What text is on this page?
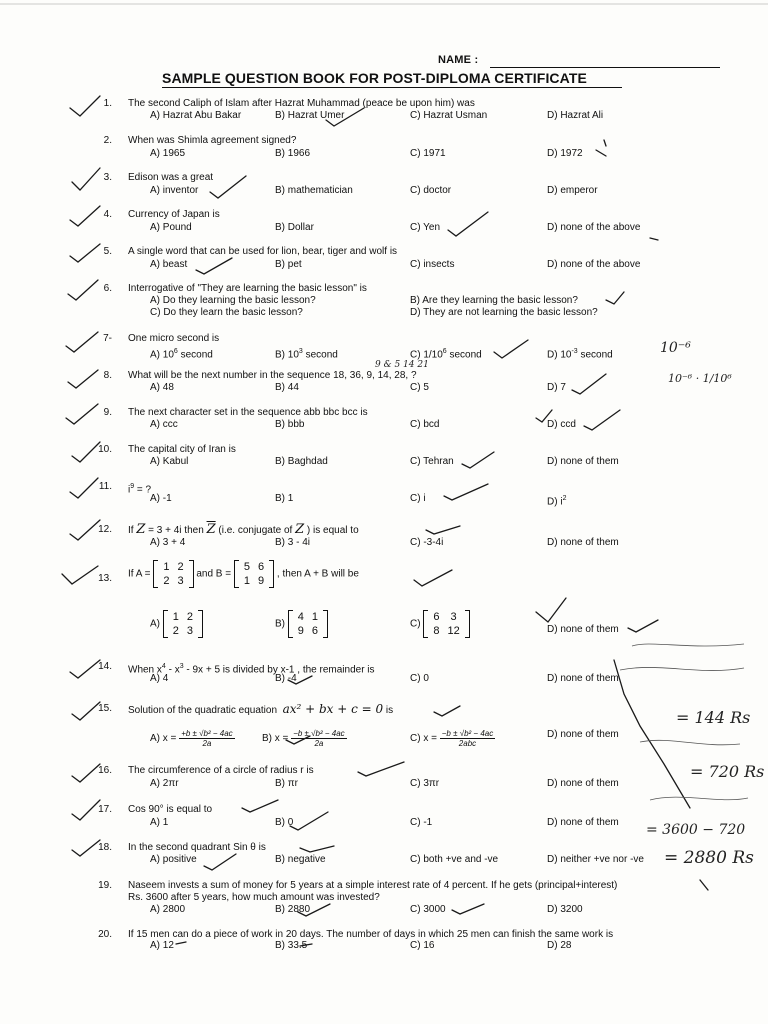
NAME :
SAMPLE QUESTION BOOK FOR POST-DIPLOMA CERTIFICATE
1. The second Caliph of Islam after Hazrat Muhammad (peace be upon him) was
A) Hazrat Abu Bakar	B) Hazrat Umer	C) Hazrat Usman	D) Hazrat Ali
2. When was Shimla agreement signed?
A) 1965	B) 1966	C) 1971	D) 1972
3. Edison was a great
A) inventor	B) mathematician	C) doctor	D) emperor
4. Currency of Japan is
A) Pound	B) Dollar	C) Yen	D) none of the above
5. A single word that can be used for lion, bear, tiger and wolf is
A) beast	B) pet	C) insects	D) none of the above
6. Interrogative of "They are learning the basic lesson" is
A) Do they learning the basic lesson?	B) Are they learning the basic lesson?
C) Do they learn the basic lesson?	D) They are not learning the basic lesson?
7- One micro second is
A) $10^6$ second	B) $10^3$ second	C) $1/10^6$ second	D) $10^{-3}$ second
8. What will be the next number in the sequence 18, 36, 9, 14, 28, ?
A) 48	B) 44	C) 5	D) 7
9. The next character set in the sequence abb bbc bcc is
A) ccc	B) bbb	C) bcd	D) ccd
10. The capital city of Iran is
A) Kabul	B) Baghdad	C) Tehran	D) none of them
11. $i^9$ = ?
A) -1	B) 1	C) i	D) $i^2$
12. If Z = 3 + 4i then $\overline{Z}$ (i.e. conjugate of Z ) is equal to
A) 3 + 4	B) 3 - 4i	C) -3-4i	D) none of them
13. If A =
1	2
2	3
and B =
5	6
1	9
, then A + B will be
A)
1	2
2	3
B)
4	1
9	6
C)
6	3
8	12	D) none of them
14. When $x^4 - x^3 - 9x + 5$ is divided by x-1 , the remainder is
A) 4	B) -4	C) 0	D) none of them
15. Solution of the quadratic equation ax² + bx + c = 0 is
A) $x = \frac{\text{+b ± √b² − 4ac}}{2a}$	B) $x = \frac{\text{−b ± √b² − 4ac}}{2a}$	C) $x = \frac{\text{−b ± √b² − 4ac}}{\text{2abc}}$	D) none of them
16. The circumference of a circle of radius r is
A) 2πr	B) πr	C) 3πr	D) none of them
17. Cos 90° is equal to
A) 1	B) 0	C) -1	D) none of them
18. In the second quadrant Sin θ is
A) positive	B) negative	C) both +ve and -ve	D) neither +ve nor -ve
19. Naseem invests a sum of money for 5 years at a simple interest rate of 4 percent. If he gets (principal+interest)
Rs. 3600 after 5 years, how much amount was invested?
A) 2800	B) 2880	C) 3000	D) 3200
20. If 15 men can do a piece of work in 20 days. The number of days in which 25 men can finish the same work is
A) 12	B) 33.5	C) 16	D) 28
9 & 5 14 21
10⁻⁶
10⁻⁶ · 1/10⁶
= 144 Rs
= 720 Rs
= 3600 − 720
= 2880 Rs
